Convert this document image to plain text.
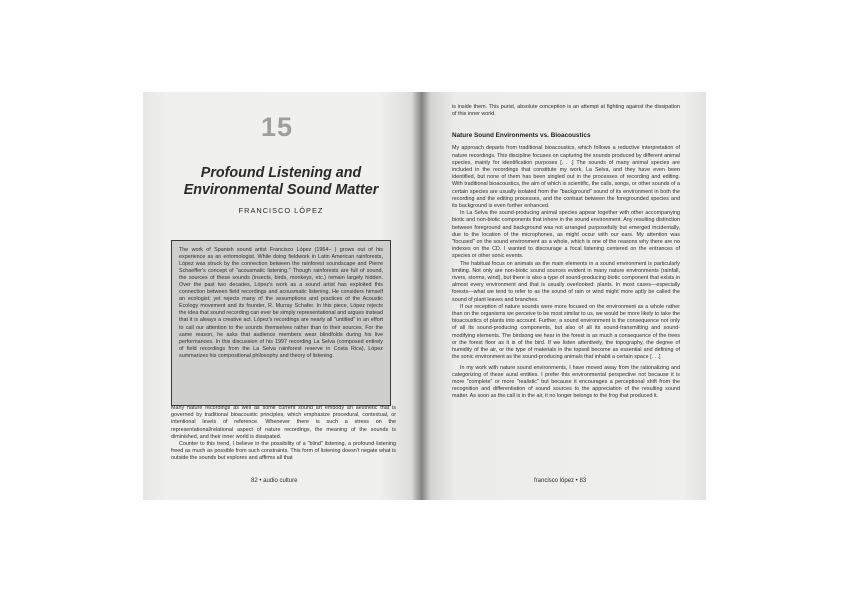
15
Profound Listening and
Environmental Sound Matter
FRANCISCO LÓPEZ

The work of Spanish sound artist Francisco López (1964– ) grows out of his experience as an entomologist. While doing fieldwork in Latin American rainforests, López was struck by the connection between the rainforest soundscape and Pierre Schaeffer's concept of "acousmatic listening." Though rainforests are full of sound, the sources of these sounds (insects, birds, monkeys, etc.) remain largely hidden. Over the past two decades, López's work as a sound artist has exploited this connection between field recordings and acousmatic listening. He considers himself an ecologist; yet rejects many of the assumptions and practices of the Acoustic Ecology movement and its founder, R. Murray Schafer. In this piece, López rejects the idea that sound recording can ever be simply representational and argues instead that it is always a creative act. López's recordings are nearly all "untitled" in an effort to call our attention to the sounds themselves rather than to their sources. For the same reason, he asks that audience members wear blindfolds during his live performances. In this discussion of his 1997 recording La Selva (composed entirely of field recordings from the La Selva rainforest reserve in Costa Rica), López summarizes his compositional philosophy and theory of listening.

Many nature recordings as well as some current sound art embody an aesthetic that is governed by traditional bioacoustic principles, which emphasize procedural, contextual, or intentional levels of reference. Whenever there is such a stress on the representational/relational aspect of nature recordings, the meaning of the sounds is diminished, and their inner world is dissipated.

Counter to this trend, I believe in the possibility of a "blind" listening, a profound listening freed as much as possible from such constraints. This form of listening doesn't negate what is outside the sounds but explores and affirms all that

82 • audio culture

is inside them. This purist, absolute conception is an attempt at fighting against the dissipation of this inner world.

Nature Sound Environments vs. Bioacoustics

My approach departs from traditional bioacoustics, which follows a reductive interpretation of nature recordings. This discipline focuses on capturing the sounds produced by different animal species, mainly for identification purposes [. . .] The sounds of many animal species are included in the recordings that constitute my work, La Selva, and they have even been identified, but none of them has been singled out in the processes of recording and editing. With traditional bioacoustics, the aim of which is scientific, the calls, songs, or other sounds of a certain species are usually isolated from the "background" sound of its environment in both the recording and the editing processes, and the contrast between the foregrounded species and its background is even further enhanced.

In La Selva the sound-producing animal species appear together with other accompanying biotic and non-biotic components that inhere in the sound environment. Any resulting distinction between foreground and background was not arranged purposefully but emerged incidentally, due to the location of the microphones, as might occur with our ears. My attention was "focused" on the sound environment as a whole, which is one of the reasons why there are no indexes on the CD. I wanted to discourage a focal listening centered on the entrances of species or other sonic events.

The habitual focus on animals as the main elements in a sound environment is particularly limiting. Not only are non-biotic sound sources evident in many nature environments (rainfall, rivers, storms, wind), but there is also a type of sound-producing biotic component that exists in almost every environment and that is usually overlooked: plants. In most cases—especially forests—what we tend to refer to as the sound of rain or wind might more aptly be called the sound of plant leaves and branches.

If our reception of nature sounds were more focused on the environment as a whole rather than on the organisms we perceive to be most similar to us, we would be more likely to take the bioacoustics of plants into account. Further, a sound environment is the consequence not only of all its sound-producing components, but also of all its sound-transmitting and sound-modifying elements. The birdsong we hear in the forest is as much a consequence of the trees or the forest floor as it is of the bird. If we listen attentively, the topography, the degree of humidity of the air, or the type of materials in the topsoil become as essential and defining of the sonic environment as the sound-producing animals that inhabit a certain space [. . .]

In my work with nature sound environments, I have moved away from the rationalizing and categorizing of these aural entities. I prefer this environmental perspective not because it is more "complete" or more "realistic" but because it encourages a perceptional shift from the recognition and differentiation of sound sources to the appreciation of the resulting sound matter. As soon as the call is in the air, it no longer belongs to the frog that produced it.

francisco lópez • 83
